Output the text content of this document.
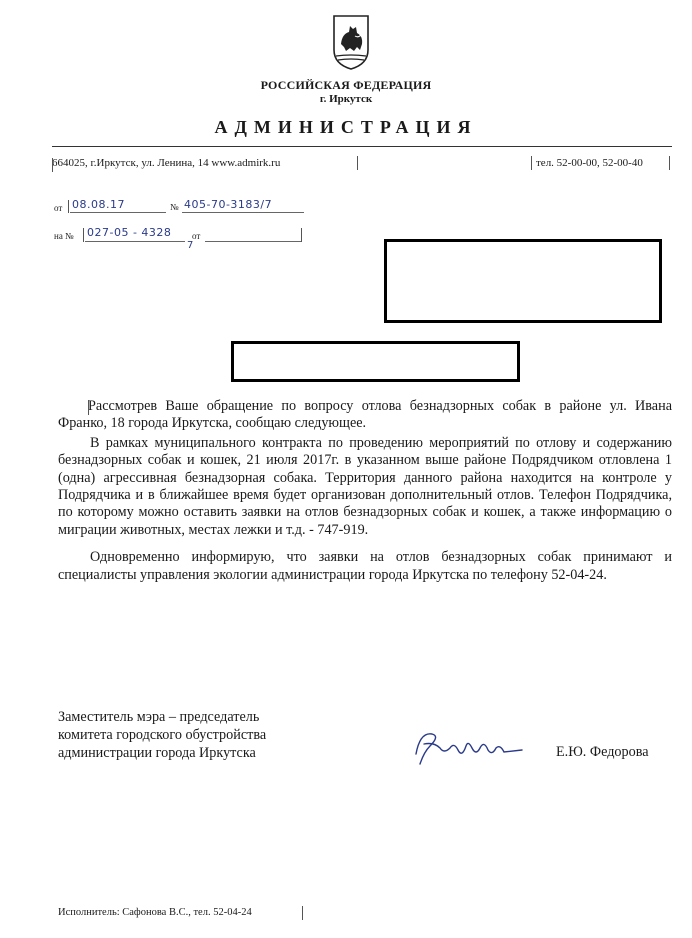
РОССИЙСКАЯ ФЕДЕРАЦИЯ
г. Иркутск
АДМИНИСТРАЦИЯ
664025, г.Иркутск, ул. Ленина, 14 www.admirk.ru	тел. 52-00-00, 52-00-40
от 08.08.17	№ 405-70-3183/7
на № 027-05 - 4328
7
от

Рассмотрев Ваше обращение по вопросу отлова безнадзорных собак в районе ул. Ивана Франко, 18 города Иркутска, сообщаю следующее.

В рамках муниципального контракта по проведению мероприятий по отлову и содержанию безнадзорных собак и кошек, 21 июля 2017г. в указанном выше районе Подрядчиком отловлена 1 (одна) агрессивная безнадзорная собака. Территория данного района находится на контроле у Подрядчика и в ближайшее время будет организован дополнительный отлов. Телефон Подрядчика, по которому можно оставить заявки на отлов безнадзорных собак и кошек, а также информацию о миграции животных, местах лежки и т.д. - 747-919.

Одновременно информирую, что заявки на отлов безнадзорных собак принимают и специалисты управления экологии администрации города Иркутска по телефону 52-04-24.

Заместитель мэра – председатель
комитета городского обустройства
администрации города Иркутска	Е.Ю. Федорова
Исполнитель: Сафонова В.С., тел. 52-04-24
